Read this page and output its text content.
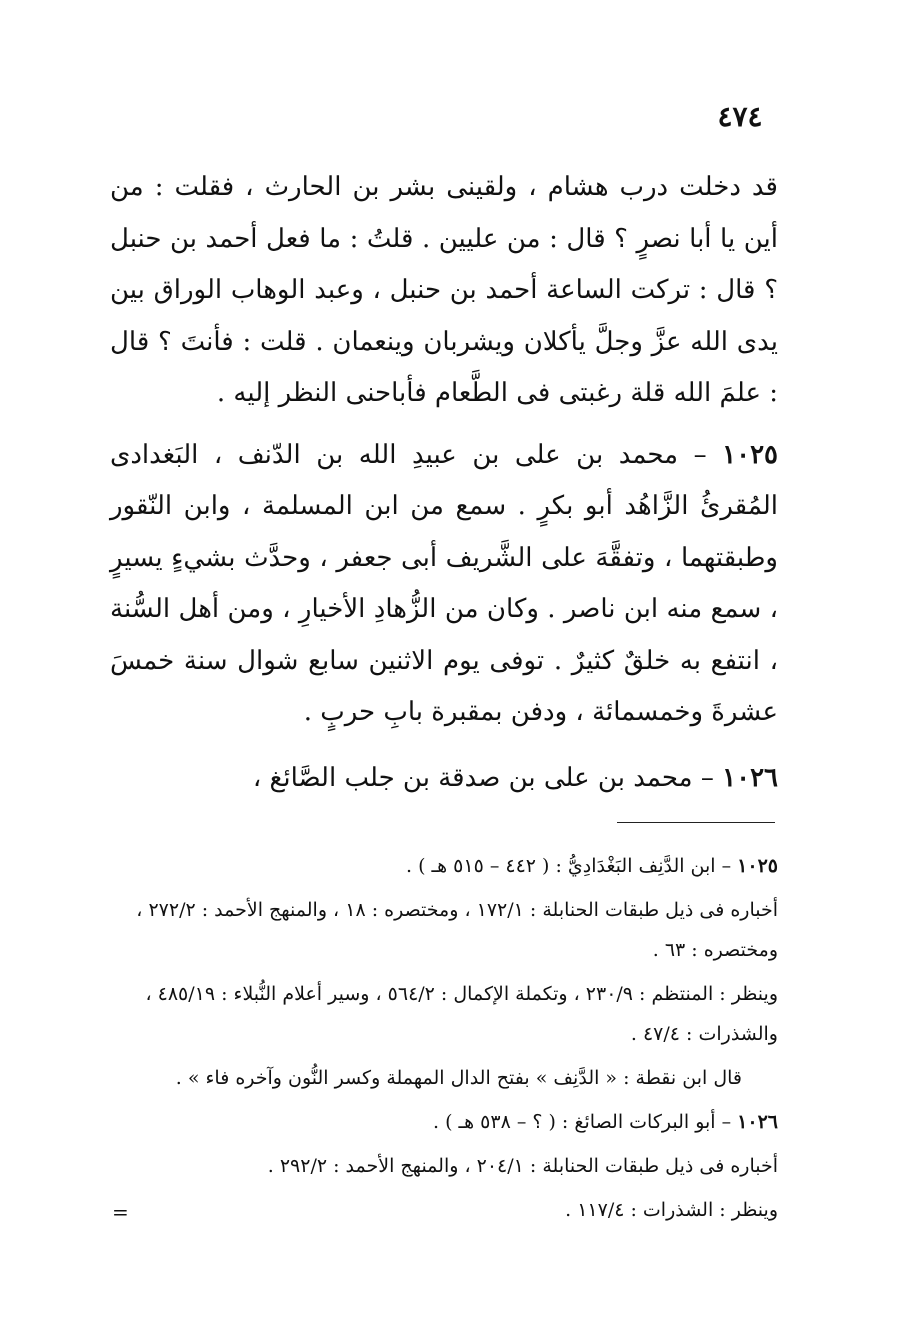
٤٧٤

قد دخلت درب هشام ، ولقينى بشر بن الحارث ، فقلت : من أين يا أبا نصرٍ ؟ قال : من عليين . قلتُ : ما فعل أحمد بن حنبل ؟ قال : تركت الساعة أحمد بن حنبل ، وعبد الوهاب الوراق بين يدى الله عزَّ وجلَّ يأكلان ويشربان وينعمان . قلت : فأنتَ ؟ قال : علمَ الله قلة رغبتى فى الطَّعام فأباحنى النظر إليه .

١٠٢٥ – محمد بن على بن عبيدِ الله بن الدّنف ، البَغدادى المُقرئُ الزَّاهُد أبو بكرٍ . سمع من ابن المسلمة ، وابن النّقور وطبقتهما ، وتفقَّهَ على الشَّريف أبى جعفر ، وحدَّث بشيءٍ يسيرٍ ، سمع منه ابن ناصر . وكان من الزُّهادِ الأخيارِ ، ومن أهل السُّنة ، انتفع به خلقٌ كثيرٌ . توفى يوم الاثنين سابع شوال سنة خمسَ عشرةَ وخمسمائة ، ودفن بمقبرة بابِ حربٍ .

١٠٢٦ – محمد بن على بن صدقة بن جلب الصَّائغ ،

١٠٢٥ – ابن الدَّنِف البَغْدَادِيُّ : ( ٤٤٢ – ٥١٥ هـ ) .

أخباره فى ذيل طبقات الحنابلة : ١٧٢/١ ، ومختصره : ١٨ ، والمنهج الأحمد : ٢٧٢/٢ ، ومختصره : ٦٣ .

وينظر : المنتظم : ٢٣٠/٩ ، وتكملة الإكمال : ٥٦٤/٢ ، وسير أعلام النُّبلاء : ٤٨٥/١٩ ، والشذرات : ٤٧/٤ .

قال ابن نقطة : « الدَّنِف » بفتح الدال المهملة وكسر النُّون وآخره فاء » .

١٠٢٦ – أبو البركات الصائغ : ( ؟ – ٥٣٨ هـ ) .

أخباره فى ذيل طبقات الحنابلة : ٢٠٤/١ ، والمنهج الأحمد : ٢٩٢/٢ .

وينظر : الشذرات : ١١٧/٤ .

=
